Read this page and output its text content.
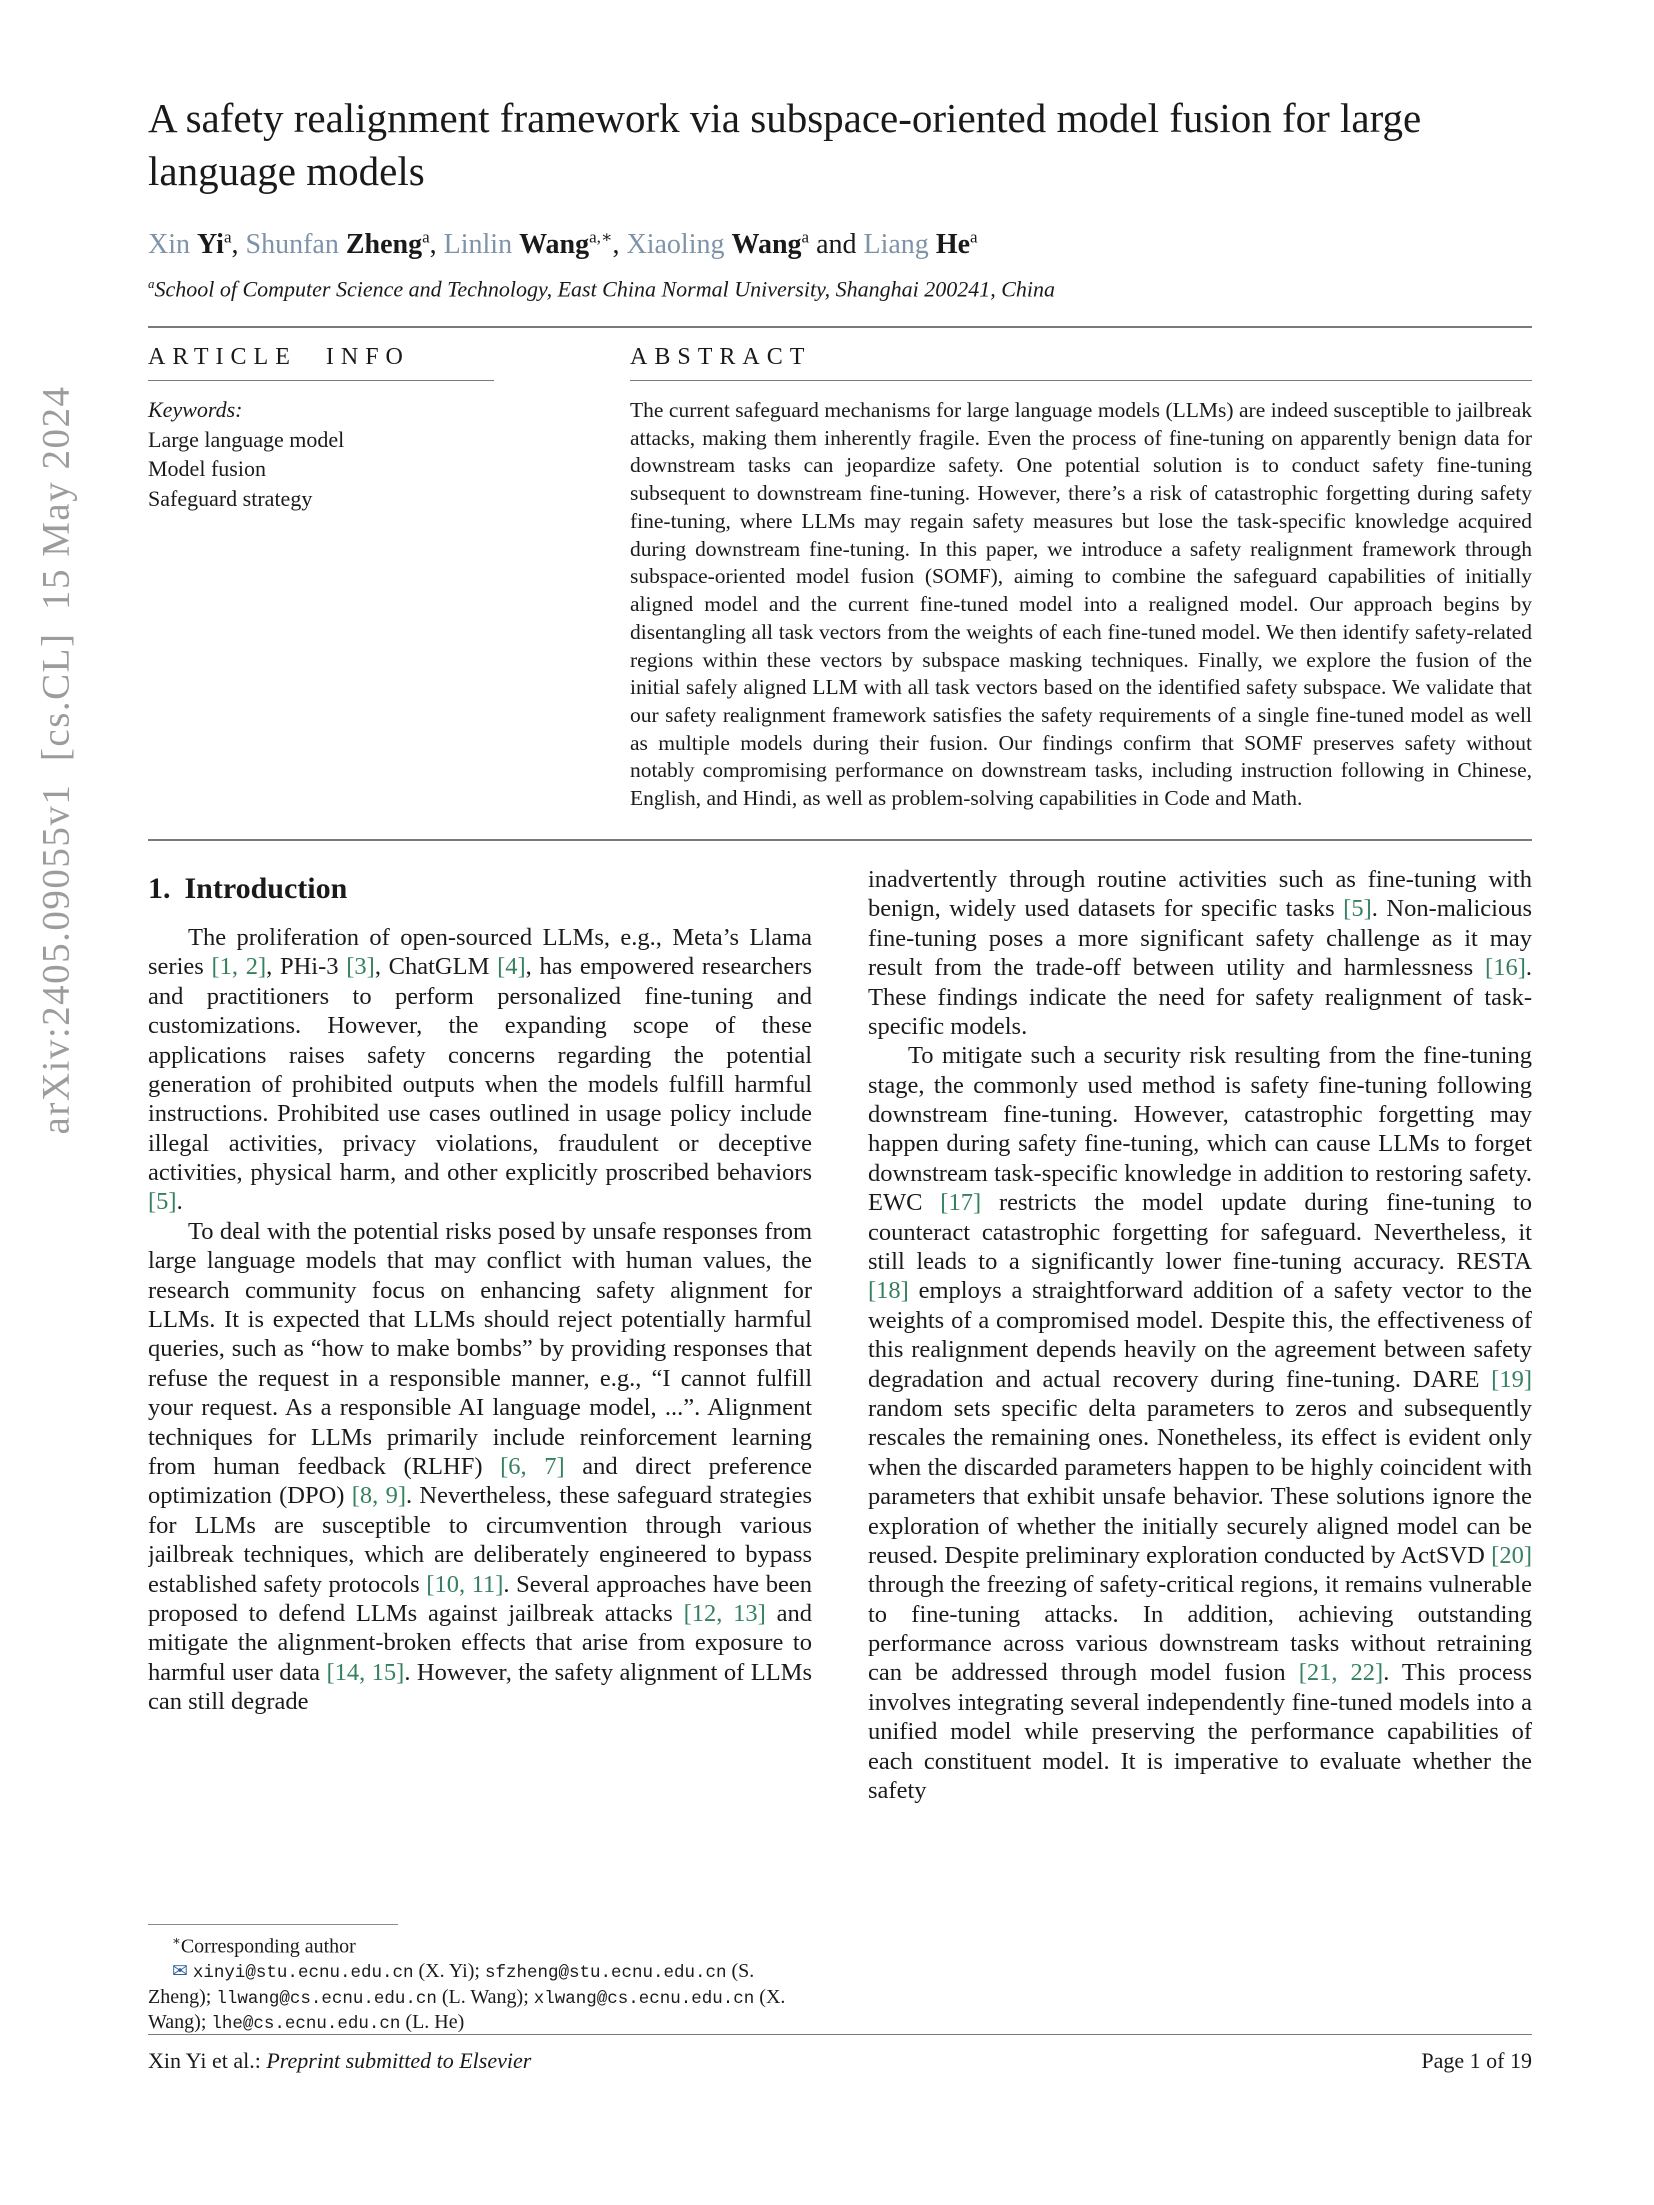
arXiv:2405.09055v1  [cs.CL]  15 May 2024
A safety realignment framework via subspace-oriented model fusion for large language models
Xin Yi$^a$, Shunfan Zheng$^a$, Linlin Wang$^{a,∗}$, Xiaoling Wang$^a$ and Liang He$^a$
$^a$School of Computer Science and Technology, East China Normal University, Shanghai 200241, China
ARTICLE INFO
Keywords:
Large language model
Model fusion
Safeguard strategy
ABSTRACT
The current safeguard mechanisms for large language models (LLMs) are indeed susceptible to jailbreak attacks, making them inherently fragile. Even the process of fine-tuning on apparently benign data for downstream tasks can jeopardize safety. One potential solution is to conduct safety fine-tuning subsequent to downstream fine-tuning. However, there’s a risk of catastrophic forgetting during safety fine-tuning, where LLMs may regain safety measures but lose the task-specific knowledge acquired during downstream fine-tuning. In this paper, we introduce a safety realignment framework through subspace-oriented model fusion (SOMF), aiming to combine the safeguard capabilities of initially aligned model and the current fine-tuned model into a realigned model. Our approach begins by disentangling all task vectors from the weights of each fine-tuned model. We then identify safety-related regions within these vectors by subspace masking techniques. Finally, we explore the fusion of the initial safely aligned LLM with all task vectors based on the identified safety subspace. We validate that our safety realignment framework satisfies the safety requirements of a single fine-tuned model as well as multiple models during their fusion. Our findings confirm that SOMF preserves safety without notably compromising performance on downstream tasks, including instruction following in Chinese, English, and Hindi, as well as problem-solving capabilities in Code and Math.
1. Introduction

The proliferation of open-sourced LLMs, e.g., Meta’s Llama series [1, 2], PHi-3 [3], ChatGLM [4], has empowered researchers and practitioners to perform personalized fine-tuning and customizations. However, the expanding scope of these applications raises safety concerns regarding the potential generation of prohibited outputs when the models fulfill harmful instructions. Prohibited use cases outlined in usage policy include illegal activities, privacy violations, fraudulent or deceptive activities, physical harm, and other explicitly proscribed behaviors [5].

To deal with the potential risks posed by unsafe responses from large language models that may conflict with human values, the research community focus on enhancing safety alignment for LLMs. It is expected that LLMs should reject potentially harmful queries, such as “how to make bombs” by providing responses that refuse the request in a responsible manner, e.g., “I cannot fulfill your request. As a responsible AI language model, ...”. Alignment techniques for LLMs primarily include reinforcement learning from human feedback (RLHF) [6, 7] and direct preference optimization (DPO) [8, 9]. Nevertheless, these safeguard strategies for LLMs are susceptible to circumvention through various jailbreak techniques, which are deliberately engineered to bypass established safety protocols [10, 11]. Several approaches have been proposed to defend LLMs against jailbreak attacks [12, 13] and mitigate the alignment-broken effects that arise from exposure to harmful user data [14, 15]. However, the safety alignment of LLMs can still degrade

∗Corresponding author
✉ xinyi@stu.ecnu.edu.cn (X. Yi); sfzheng@stu.ecnu.edu.cn (S. Zheng); llwang@cs.ecnu.edu.cn (L. Wang); xlwang@cs.ecnu.edu.cn (X. Wang); lhe@cs.ecnu.edu.cn (L. He)

inadvertently through routine activities such as fine-tuning with benign, widely used datasets for specific tasks [5]. Non-malicious fine-tuning poses a more significant safety challenge as it may result from the trade-off between utility and harmlessness [16]. These findings indicate the need for safety realignment of task-specific models.

To mitigate such a security risk resulting from the fine-tuning stage, the commonly used method is safety fine-tuning following downstream fine-tuning. However, catastrophic forgetting may happen during safety fine-tuning, which can cause LLMs to forget downstream task-specific knowledge in addition to restoring safety. EWC [17] restricts the model update during fine-tuning to counteract catastrophic forgetting for safeguard. Nevertheless, it still leads to a significantly lower fine-tuning accuracy. RESTA [18] employs a straightforward addition of a safety vector to the weights of a compromised model. Despite this, the effectiveness of this realignment depends heavily on the agreement between safety degradation and actual recovery during fine-tuning. DARE [19] random sets specific delta parameters to zeros and subsequently rescales the remaining ones. Nonetheless, its effect is evident only when the discarded parameters happen to be highly coincident with parameters that exhibit unsafe behavior. These solutions ignore the exploration of whether the initially securely aligned model can be reused. Despite preliminary exploration conducted by ActSVD [20] through the freezing of safety-critical regions, it remains vulnerable to fine-tuning attacks. In addition, achieving outstanding performance across various downstream tasks without retraining can be addressed through model fusion [21, 22]. This process involves integrating several independently fine-tuned models into a unified model while preserving the performance capabilities of each constituent model. It is imperative to evaluate whether the safety

Xin Yi et al.: Preprint submitted to Elsevier	Page 1 of 19
